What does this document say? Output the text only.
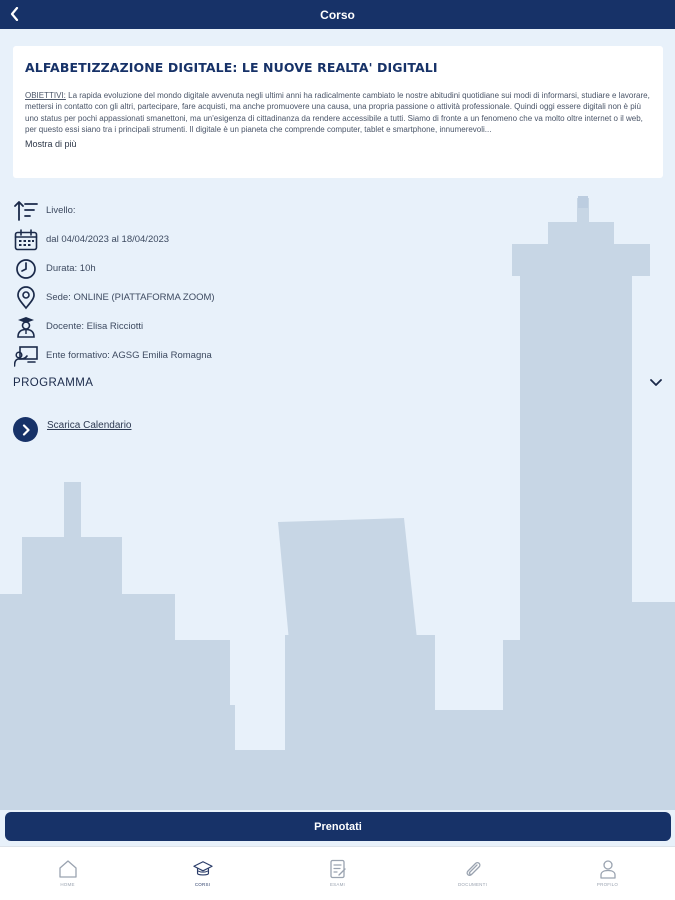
Corso
ALFABETIZZAZIONE DIGITALE: LE NUOVE REALTA' DIGITALI
OBIETTIVI: La rapida evoluzione del mondo digitale avvenuta negli ultimi anni ha radicalmente cambiato le nostre abitudini quotidiane sui modi di informarsi, studiare e lavorare, mettersi in contatto con gli altri, partecipare, fare acquisti, ma anche promuovere una causa, una propria passione o attività professionale. Quindi oggi essere digitali non è più uno status per pochi appassionati smanettoni, ma un'esigenza di cittadinanza da rendere accessibile a tutti. Siamo di fronte a un fenomeno che va molto oltre internet o il web, per questo essi siano tra i principali strumenti. Il digitale è un pianeta che comprende computer, tablet e smartphone, innumerevoli...
Mostra di più
Livello:
dal 04/04/2023 al 18/04/2023
Durata: 10h
Sede: ONLINE (PIATTAFORMA ZOOM)
Docente: Elisa Ricciotti
Ente formativo: AGSG Emilia Romagna
PROGRAMMA
Scarica Calendario
Prenotati
HOME	CORSI	ESAMI	DOCUMENTI	PROFILO
